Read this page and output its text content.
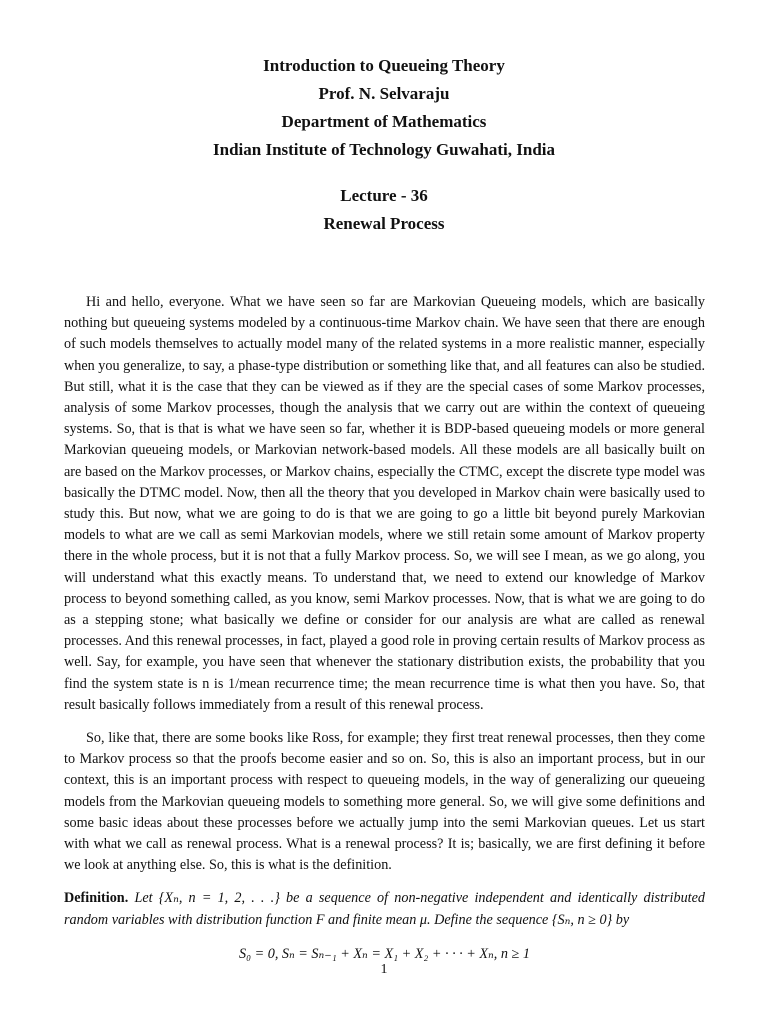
Introduction to Queueing Theory

Prof. N. Selvaraju

Department of Mathematics

Indian Institute of Technology Guwahati, India

Lecture - 36

Renewal Process

Hi and hello, everyone. What we have seen so far are Markovian Queueing models, which are basically nothing but queueing systems modeled by a continuous-time Markov chain. We have seen that there are enough of such models themselves to actually model many of the related systems in a more realistic manner, especially when you generalize, to say, a phase-type distribution or something like that, and all features can also be studied. But still, what it is the case that they can be viewed as if they are the special cases of some Markov processes, analysis of some Markov processes, though the analysis that we carry out are within the context of queueing systems. So, that is that is what we have seen so far, whether it is BDP-based queueing models or more general Markovian queueing models, or Markovian network-based models. All these models are all basically built on are based on the Markov processes, or Markov chains, especially the CTMC, except the discrete type model was basically the DTMC model. Now, then all the theory that you developed in Markov chain were basically used to study this. But now, what we are going to do is that we are going to go a little bit beyond purely Markovian models to what are we call as semi Markovian models, where we still retain some amount of Markov property there in the whole process, but it is not that a fully Markov process. So, we will see I mean, as we go along, you will understand what this exactly means. To understand that, we need to extend our knowledge of Markov process to beyond something called, as you know, semi Markov processes. Now, that is what we are going to do as a stepping stone; what basically we define or consider for our analysis are what are called as renewal processes. And this renewal processes, in fact, played a good role in proving certain results of Markov process as well. Say, for example, you have seen that whenever the stationary distribution exists, the probability that you find the system state is n is 1/mean recurrence time; the mean recurrence time is what then you have. So, that result basically follows immediately from a result of this renewal process.

So, like that, there are some books like Ross, for example; they first treat renewal processes, then they come to Markov process so that the proofs become easier and so on. So, this is also an important process, but in our context, this is an important process with respect to queueing models, in the way of generalizing our queueing models from the Markovian queueing models to something more general. So, we will give some definitions and some basic ideas about these processes before we actually jump into the semi Markovian queues. Let us start with what we call as renewal process. What is a renewal process? It is; basically, we are first defining it before we look at anything else. So, this is what is the definition.

Definition. Let {Xₙ, n = 1, 2, . . .} be a sequence of non-negative independent and identically distributed random variables with distribution function F and finite mean μ. Define the sequence {Sₙ, n ≥ 0} by

S₀ = 0, Sₙ = Sₙ₋₁ + Xₙ = X₁ + X₂ + · · · + Xₙ, n ≥ 1
1
